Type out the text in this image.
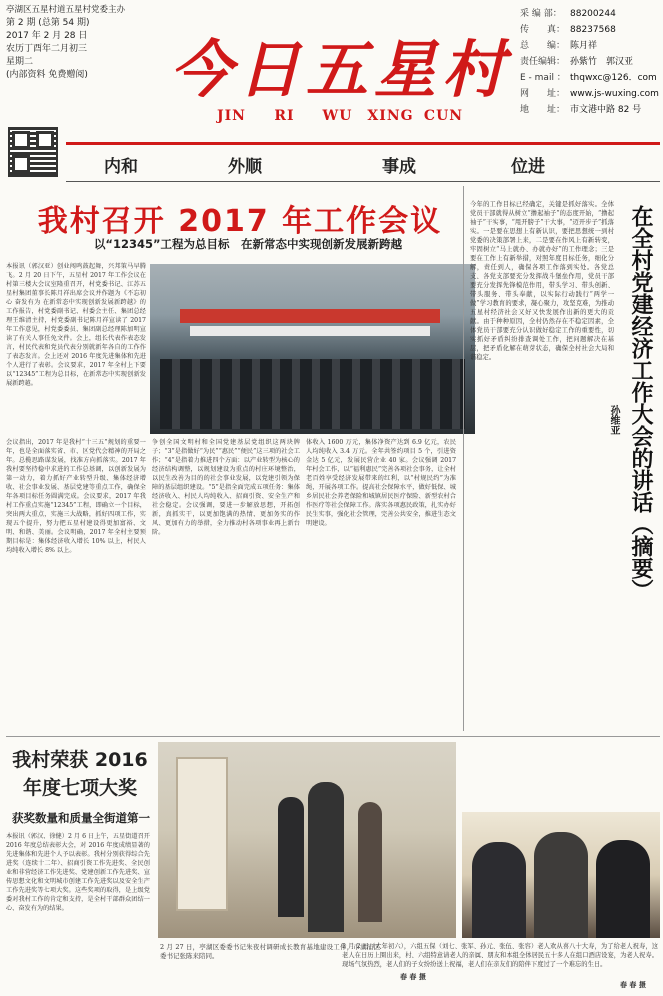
亭湖区五星村道五星村党委主办
第 2 期 (总第 54 期)
2017 年 2 月 28 日
农历丁酉年二月初三
星期二
(内部资料 免费赠阅)	今日五星村
JIN RI WU XING CUN
采 编 部： 88200244
传　　真： 88237568
总　　编： 陈月祥
责任编辑： 孙紫竹　郭汉亚
E - mail ： thqwxc@126．com
网　　址： www.js-wuxing.com
地　　址： 市文港中路 82 号
内和	外顺	事成	位进
我村召开 2017 年工作会议
以“12345”工程为总目标　在新常态中实现创新发展新跨越
本报讯（郭汉亚）创业闯鸣鼓起舞，兴邦策马早腾飞。2 月 20 日下午，五星村 2017 年工作会议在村第三楼大会议室隆重召开，村党委书记、江苏五星村集团董事长陈月祥出席会议并作题为《不忘初心 奋发有为 在新常态中实现创新发展新跨越》的工作报告，村党委副书记、村委会主任、集团总经理王维清主持，村党委副书记陈月祥宣读了 2017 年工作意见，村党委委员、集团副总经理陈加明宣读了有关人事任免文件。会上，组长代表作表态发言，村民代表和党员代表分别就新年各自的工作作了表态发言。会上还对 2016 年度先进集体和先进个人进行了表彰。会议要求，2017 年全村上下要以“12345”工程为总目标，在新常态中实现创新发展新跨越。
会议指出，2017 年是我村“十三五”规划的重要一年，也是全面落实省、市、区党代会精神的开局之年。总揽思路谋发展，找准方向抓落实。2017 年我村要坚持稳中求进的工作总基调，以创新发展为第一动力，着力抓好产业转型升级、集体经济增收、社会事业发展、基层党建等重点工作，确保全年各项目标任务圆满完成。会议要求，2017 年我村工作重点实施“12345”工程，即确立一个目标，突出两大重点，实施三大战略，抓好四项工作，实现五个提升，努力把五星村建设得更加富裕、文明、和谐、美丽。会议明确，2017 年全村主要预期目标是：集体经济收入增长 10% 以上，村民人均纯收入增长 8% 以上。
争创全国文明村和全国党建基层党组织这两块牌子；“3”是指做好“为民”“惠民”“便民”这三项的社会工作；“4”是指着力推进四个方面：以产业转型为核心的经济结构调整，以规划建设为重点的村庄环境整治，以民生改善为目的的社会事业发展，以党建引领为保障的基层组织建设。“5”是指全面完成五项任务：集体经济收入、村民人均纯收入、招商引资、安全生产和社会稳定。会议强调，要进一步解放思想，开拓创新，真抓实干，以更加饱满的热情、更加务实的作风、更加有力的举措，全力推动村各项事业再上新台阶。
体收入 1600 万元，集体净资产达到 6.9 亿元，农民人均纯收入 3.4 万元。全年共签约项目 5 个，引进资金达 5 亿元，发展民营企业 40 家。会议强调 2017 年村会工作，以“福利惠民”完善各项社会事务，让全村老百姓享受经济发展带来的红利，以“村规民约”为准绳，开展各项工作。提高社会保障水平，做好低保、城乡居民社会养老保险和城镇居民医疗保险、新型农村合作医疗等社会保障工作。落实各项惠民政策，扎实办好民生实事，强化社会管理，完善公共安全，推进生态文明建设。
今年的工作目标已经确定，关键是抓好落实。全体党员干部就得从树立“撸起袖子”的态度开始，“撸起袖子”干实事，“甩开膀子”干大事，“迈开步子”抓落实。一是要在思想上有新认识，要把思想统一到村党委的决策部署上来，二是要在作风上有新转变，牢固树立“马上就办、办就办好”的工作理念；三是要在工作上有新举措，对照年度目标任务，细化分解，责任到人，确保各项工作落到实处。各党总支、各党支部要充分发挥战斗堡垒作用，党员干部要充分发挥先锋模范作用，带头学习、带头创新、带头服务、带头奉献，以实际行动践行“两学一做”学习教育的要求，凝心聚力，攻坚克难，为推动五星村经济社会又好又快发展作出新的更大的贡献。由于种种原因，全村仍然存在不稳定因素，全体党员干部要充分认识做好稳定工作的重要性，切实抓好矛盾纠纷排查调处工作，把问题解决在基层，把矛盾化解在萌芽状态，确保全村社会大局和谐稳定。	在全村党建经济工作大会的讲话（摘要）
孙维亚
我村荣获 2016
年度七项大奖
获奖数量和质量全街道第一
本报讯（郭汉、徐健）2 月 6 日上午，五星街道召开 2016 年度总结表彰大会，对 2016 年度成绩显著的先进集体和先进个人予以表彰。我村分别获得综合先进奖（连续十二年）、招商引资工作先进奖、全民创业和非营经济工作先进奖、党建创新工作先进奖、宣传思想文化和文明城市创建工作先进奖以及安全生产工作先进奖等七项大奖。这些奖项的取得，是上级党委对我村工作的肯定和支持，是全村干部群众团结一心、奋发有为的结果。
2 月 27 日，亭湖区委委书记朱夜村调研成长教育基地建设工作，市湖浦区委书记张陈来陪同。
春 春 摄
2 月 2 日（大年初六），六组五保（刘七、张军、孙元、张伍、张容）老人欢从喜八十大寿，为了给老人祝寿，这老人在日历上圈出来，村、六组特意请老人的亲属、朋友和本组全体居民五十多人在组口酒店设宴，为老人祝寿。现场气氛热烈，老人们的子女纷纷送上祝福，老人们在亲友们的陪伴下度过了一个难忘的生日。
春 春 摄
